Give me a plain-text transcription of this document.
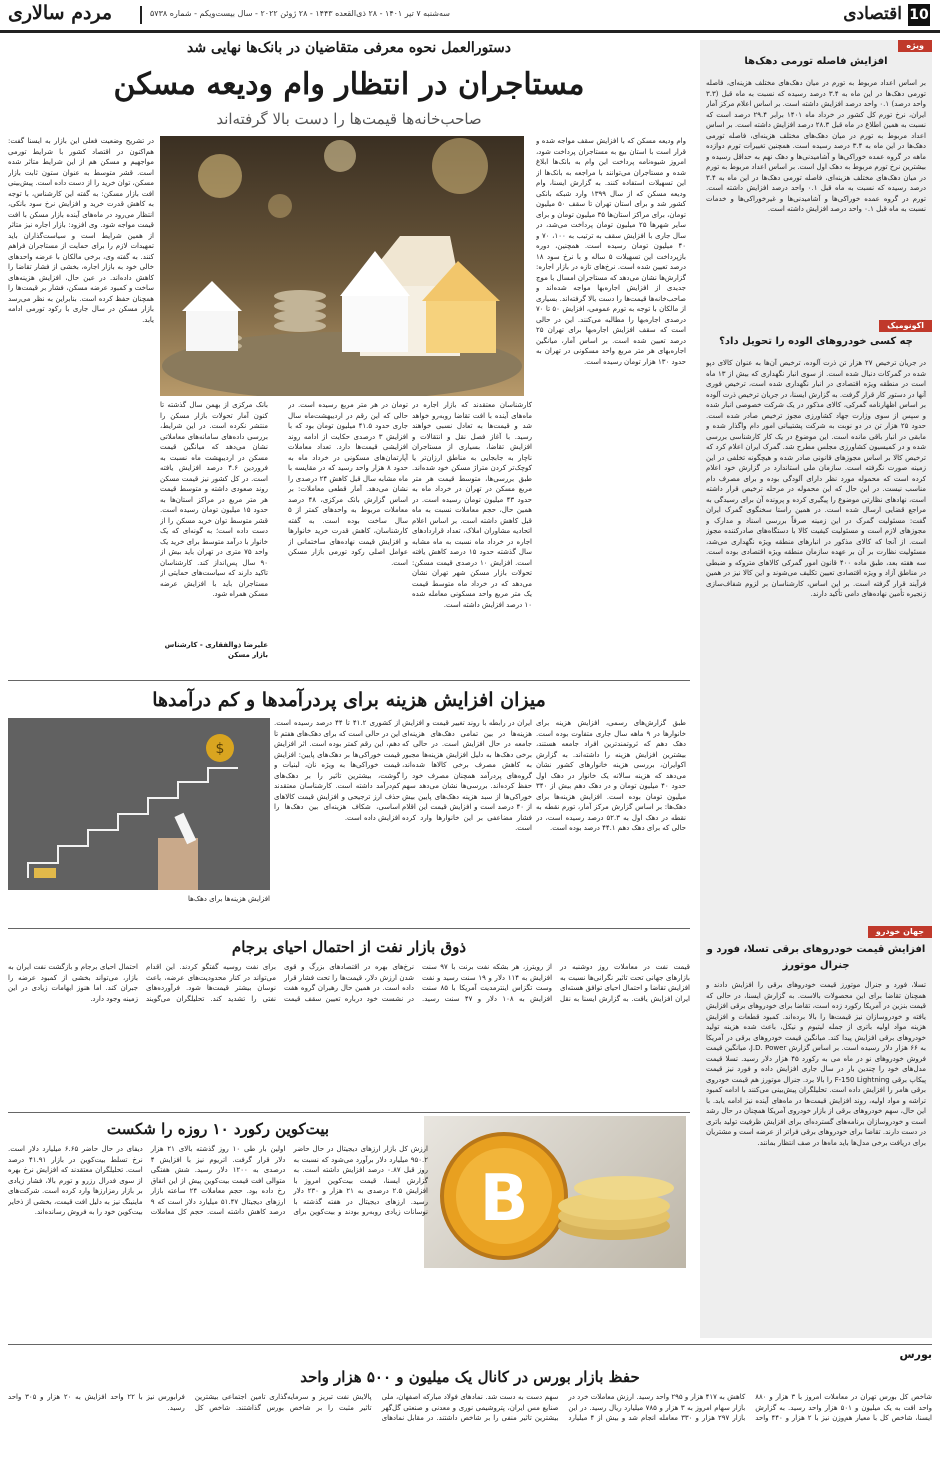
10
اقتصادی
سه‌شنبه ۷ تیر ۱۴۰۱ - ۲۸ ذی‌القعده ۱۴۴۳ - ۲۸ ژوئن ۲۰۲۲ - سال بیست‌ویکم - شماره ۵۷۳۸
مردم سالاری
ویژه
افزایش فاصله تورمی دهک‌ها
بر اساس اعداد مربوط به تورم در میان دهک‌های مختلف هزینه‌ای، فاصله تورمی دهک‌ها در این ماه به ۳.۴ درصد رسیده که نسبت به ماه قبل (۳.۳ واحد درصد) ۰.۱ واحد درصد افزایش داشته است. بر اساس اعلام مرکز آمار ایران، نرخ تورم کل کشور در خرداد ماه ۱۴۰۱ برابر ۲۹.۴ درصد است که نسبت به همین اطلاع در ماه قبل ۲۸.۳ درصد افزایش داشته است. بر اساس اعداد مربوط به تورم در میان دهک‌های مختلف هزینه‌ای، فاصله تورمی دهک‌ها در این ماه به ۳.۴ درصد رسیده است. همچنین تغییرات تورم دوازده ماهه در گروه عمده خوراکی‌ها و آشامیدنی‌ها و دهک نهم به حداقل رسیده و بیشترین نرخ تورم مربوط به دهک اول است. بر اساس اعداد مربوط به تورم در میان دهک‌های مختلف هزینه‌ای، فاصله تورمی دهک‌ها در این ماه به ۳.۴ درصد رسیده که نسبت به ماه قبل ۰.۱ واحد درصد افزایش داشته است. تورم در گروه عمده خوراکی‌ها و آشامیدنی‌ها و غیرخوراکی‌ها و خدمات نسبت به ماه قبل ۰.۱ واحد درصد افزایش داشته است.
اکونومیک
چه کسی خودروهای آلوده را تحویل داد؟
در جریان ترخیص ۲۷ هزار تن ذرت آلوده، ترخیص آن‌ها به عنوان کالای دپو شده در گمرکات دنبال شده است. از سوی انبار نگهداری که بیش از ۱۳ ماه است در منطقه ویژه اقتصادی در انبار نگهداری شده است، ترخیص فوری آنها در دستور کار قرار گرفت. به گزارش ایسنا، در جریان ترخیص ذرت آلوده بر اساس اظهارنامه گمرکی، کالای مذکور در یک شرکت خصوصی انبار شده و سپس از سوی وزارت جهاد کشاورزی مجوز ترخیص صادر شده است. حدود ۲۵ هزار تن در دو نوبت به شرکت پشتیبانی امور دام واگذار شده و مابقی در انبار باقی مانده است. این موضوع در یک کار کارشناسی بررسی شده و در کمیسیون کشاورزی مجلس مطرح شد. گمرک ایران اعلام کرد که ترخیص کالا بر اساس مجوزهای قانونی صادر شده و هیچگونه تخلفی در این زمینه صورت نگرفته است. سازمان ملی استاندارد در گزارش خود اعلام کرده است که محموله مورد نظر دارای آلودگی بوده و برای مصرف دام مناسب نیست. در این حال که این محموله در مرحله ترخیص قرار داشته است، نهادهای نظارتی موضوع را پیگیری کرده و پرونده آن برای رسیدگی به مراجع قضایی ارسال شده است. در همین راستا سخنگوی گمرک ایران گفت: مسئولیت گمرک در این زمینه صرفاً بررسی اسناد و مدارک و مجوزهای لازم است و مسئولیت کیفیت کالا با دستگاه‌های صادرکننده مجوز است. از آنجا که کالای مذکور در انبارهای منطقه ویژه نگهداری می‌شد، مسئولیت نظارت بر آن بر عهده سازمان منطقه ویژه اقتصادی بوده است. سه هفته بعد، طبق ماده ۴۰۰ قانون امور گمرکی کالاهای متروکه و ضبطی در مناطق آزاد و ویژه اقتصادی تعیین تکلیف می‌شوند و این کالا نیز در همین فرآیند قرار گرفته است. بر این اساس، کارشناسان بر لزوم شفاف‌سازی زنجیره تأمین نهاده‌های دامی تأکید دارند.
جهان خودرو
افزایش قیمت خودروهای برقی تسلا، فورد و جنرال موتورز
تسلا، فورد و جنرال موتورز قیمت خودروهای برقی را افزایش دادند و همچنان تقاضا برای این محصولات بالاست. به گزارش ایسنا، در حالی که قیمت بنزین در آمریکا رکورد زده است، تقاضا برای خودروهای برقی افزایش یافته و خودروسازان نیز قیمت‌ها را بالا برده‌اند. کمبود قطعات و افزایش هزینه مواد اولیه باتری از جمله لیتیوم و نیکل، باعث شده هزینه تولید خودروهای برقی افزایش پیدا کند. میانگین قیمت خودروهای برقی در آمریکا به ۶۶ هزار دلار رسیده است. بر اساس گزارش J.D. Power، میانگین قیمت فروش خودروهای نو در ماه می به رکورد ۴۵ هزار دلار رسید. تسلا قیمت مدل‌های خود را چندین بار در سال جاری افزایش داده و فورد نیز قیمت پیکاپ برقی F-150 Lightning را بالا برد. جنرال موتورز هم قیمت خودروی برقی هامر را افزایش داده است. تحلیلگران پیش‌بینی می‌کنند با ادامه کمبود تراشه و مواد اولیه، روند افزایش قیمت‌ها در ماه‌های آینده نیز ادامه یابد. با این حال، سهم خودروهای برقی از بازار خودروی آمریکا همچنان در حال رشد است و خودروسازان برنامه‌های گسترده‌ای برای افزایش ظرفیت تولید باتری در دست دارند. تقاضا برای خودروهای برقی فراتر از عرضه است و مشتریان برای دریافت برخی مدل‌ها باید ماه‌ها در صف انتظار بمانند.
دستورالعمل نحوه معرفی متقاضیان در بانک‌ها نهایی شد
مستاجران در انتظار وام ودیعه مسکن
صاحب‌خانه‌ها قیمت‌ها را دست بالا گرفته‌اند
وام ودیعه مسکن که با افزایش سقف مواجه شده و قرار است با استان بیع به مستاجران پرداخت شود، امروز شیوه‌نامه پرداخت این وام به بانک‌ها ابلاغ شده و مستاجران می‌توانند با مراجعه به بانک‌ها از این تسهیلات استفاده کنند. به گزارش ایسنا، وام ودیعه مسکن که از سال ۱۳۹۹ وارد شبکه بانکی کشور شد و برای استان تهران تا سقف ۵۰ میلیون تومان، برای مراکز استان‌ها ۳۵ میلیون تومان و برای سایر شهرها ۲۵ میلیون تومان پرداخت می‌شد، در سال جاری با افزایش سقف به ترتیب به ۱۰۰، ۷۰ و ۴۰ میلیون تومان رسیده است. همچنین، دوره بازپرداخت این تسهیلات ۵ ساله و با نرخ سود ۱۸ درصد تعیین شده است. نرخ‌های تازه در بازار اجاره: گزارش‌ها نشان می‌دهد که مستاجران امسال با موج جدیدی از افزایش اجاره‌بها مواجه شده‌اند و صاحب‌خانه‌ها قیمت‌ها را دست بالا گرفته‌اند. بسیاری از مالکان با توجه به تورم عمومی، افزایش ۵۰ تا ۷۰ درصدی اجاره‌بها را مطالبه می‌کنند. این در حالی است که سقف افزایش اجاره‌بها برای تهران ۲۵ درصد تعیین شده است. بر اساس آمار، میانگین اجاره‌بهای هر متر مربع واحد مسکونی در تهران به حدود ۱۳۰ هزار تومان رسیده است.
کارشناسان معتقدند که بازار اجاره در ماه‌های آینده با افت تقاضا روبه‌رو خواهد شد و قیمت‌ها به تعادل نسبی خواهند رسید. با آغاز فصل نقل و انتقالات و افزایش تقاضا، بسیاری از مستاجران ناچار به جابجایی به مناطق ارزان‌تر یا کوچک‌تر کردن متراژ مسکن خود شده‌اند. طبق بررسی‌ها، متوسط قیمت هر متر مربع مسکن در تهران در خرداد ماه به حدود ۴۳ میلیون تومان رسیده است. در همین حال، حجم معاملات نسبت به ماه قبل کاهش داشته است. بر اساس اعلام اتحادیه مشاوران املاک، تعداد قراردادهای اجاره در خرداد ماه نسبت به ماه مشابه سال گذشته حدود ۱۵ درصد کاهش یافته است. افزایش ۱۰ درصدی قیمت مسکن: تحولات بازار مسکن شهر تهران نشان می‌دهد که در خرداد ماه متوسط قیمت یک متر مربع واحد مسکونی معامله شده ۱۰ درصد افزایش داشته است.
تومان در هر متر مربع رسیده است. در حالی که این رقم در اردیبهشت‌ماه سال جاری حدود ۴۱.۵ میلیون تومان بود که با افزایش ۳ درصدی حکایت از ادامه روند افزایشی قیمت‌ها دارد. تعداد معاملات آپارتمان‌های مسکونی در خرداد ماه به حدود ۸ هزار واحد رسید که در مقایسه با ماه مشابه سال قبل کاهش ۲۴ درصدی را نشان می‌دهد. آمار قطعی معاملات: بر اساس گزارش بانک مرکزی، ۴۸ درصد معاملات مربوط به واحدهای کمتر از ۵ سال ساخت بوده است. به گفته کارشناسان، کاهش قدرت خرید خانوارها و افزایش قیمت نهاده‌های ساختمانی از عوامل اصلی رکود تورمی بازار مسکن است.
بانک مرکزی از بهمن سال گذشته تا کنون آمار تحولات بازار مسکن را منتشر نکرده است. در این شرایط، بررسی داده‌های سامانه‌های معاملاتی نشان می‌دهد که میانگین قیمت مسکن در اردیبهشت ماه نسبت به فروردین ۴.۶ درصد افزایش یافته است. در کل کشور نیز قیمت مسکن روند صعودی داشته و متوسط قیمت هر متر مربع در مراکز استان‌ها به حدود ۱۵ میلیون تومان رسیده است. قشر متوسط توان خرید مسکن را از دست داده است؛ به گونه‌ای که یک خانوار با درآمد متوسط برای خرید یک واحد ۷۵ متری در تهران باید بیش از ۹۰ سال پس‌انداز کند. کارشناسان تاکید دارند که سیاست‌های حمایتی از مستاجران باید با افزایش عرضه مسکن همراه شود.
علیرضا ذوالفقاری - کارشناس بازار مسکن
در تشریح وضعیت فعلی این بازار به ایسنا گفت: هم‌اکنون در اقتصاد کشور با شرایط تورمی مواجهیم و مسکن هم از این شرایط متاثر شده است. قشر متوسط به عنوان ستون ثابت بازار مسکن، توان خرید را از دست داده است. پیش‌بینی افت بازار مسکن: به گفته این کارشناس، با توجه به کاهش قدرت خرید و افزایش نرخ سود بانکی، انتظار می‌رود در ماه‌های آینده بازار مسکن با افت قیمت مواجه شود. وی افزود: بازار اجاره نیز متاثر از همین شرایط است و سیاست‌گذاران باید تمهیدات لازم را برای حمایت از مستاجران فراهم کنند. به گفته وی، برخی مالکان با عرضه واحدهای خالی خود به بازار اجاره، بخشی از فشار تقاضا را کاهش داده‌اند. در عین حال، افزایش هزینه‌های ساخت و کمبود عرضه مسکن، فشار بر قیمت‌ها را همچنان حفظ کرده است. بنابراین به نظر می‌رسد بازار مسکن در سال جاری با رکود تورمی ادامه یابد.
میزان افزایش هزینه برای پردرآمدها و کم درآمدها
$
طبق گزارش‌های رسمی، افزایش هزینه برای خانوارها در ۹ ماهه سال جاری متفاوت بوده است. دهک دهم که ثروتمندترین افراد جامعه هستند، بیشترین افزایش هزینه را داشته‌اند. به گزارش اکوایران، بررسی هزینه خانوارهای کشور نشان می‌دهد که هزینه سالانه یک خانوار در دهک اول حدود ۴۰ میلیون تومان و در دهک دهم بیش از ۳۴۰ میلیون تومان بوده است. افزایش هزینه‌ها برای دهک‌ها: بر اساس گزارش مرکز آمار، تورم نقطه به نقطه در دهک اول به ۵۲.۳ درصد رسیده است، در حالی که برای دهک دهم ۴۴.۱ درصد بوده است.
ایران در رابطه با روند تغییر قیمت و افزایش هزینه‌ها در بین تمامی دهک‌های هزینه‌ای جامعه در حال افزایش است. در حالی که برخی دهک‌ها به دلیل افزایش هزینه‌ها مجبور به کاهش مصرف برخی کالاها شده‌اند، گروه‌های پردرآمد همچنان مصرف خود را حفظ کرده‌اند. بررسی‌ها نشان می‌دهد سهم خوراکی‌ها از سبد هزینه دهک‌های پایین بیش از ۴۰ درصد است و افزایش قیمت این اقلام فشار مضاعفی بر این خانوارها وارد کرده است.
از کشوری ۴۱.۲ تا ۴۴ درصد رسیده است. این در حالی است که برای دهک‌های هفتم تا دهم، این رقم کمتر بوده است. اثر افزایش قیمت خوراکی‌ها بر دهک‌های پایین: افزایش قیمت خوراکی‌ها به ویژه نان، لبنیات و گوشت، بیشترین تاثیر را بر دهک‌های کم‌درآمد داشته است. کارشناسان معتقدند حذف ارز ترجیحی و افزایش قیمت کالاهای اساسی، شکاف هزینه‌ای بین دهک‌ها را افزایش داده است.
افزایش هزینه‌ها برای دهک‌ها
ذوق بازار نفت از احتمال احیای برجام
قیمت نفت در معاملات روز دوشنبه در بازارهای جهانی تحت تاثیر نگرانی‌ها نسبت به افزایش تقاضا و احتمال احیای توافق هسته‌ای ایران افزایش یافت. به گزارش ایسنا به نقل از رویترز، هر بشکه نفت برنت با ۹۷ سنت افزایش به ۱۱۴ دلار و ۱۹ سنت رسید و نفت وست تگزاس اینترمدیت آمریکا با ۸۵ سنت افزایش به ۱۰۸ دلار و ۴۷ سنت رسید. نرخ‌های بهره در اقتصادهای بزرگ و قوی شدن ارزش دلار، قیمت‌ها را تحت فشار قرار داده است. در همین حال رهبران گروه هفت در نشست خود درباره تعیین سقف قیمت برای نفت روسیه گفتگو کردند. این اقدام می‌تواند در کنار محدودیت‌های عرضه، باعث نوسان بیشتر قیمت‌ها شود. فرآورده‌های نفتی را تشدید کند. تحلیلگران می‌گویند احتمال احیای برجام و بازگشت نفت ایران به بازار، می‌تواند بخشی از کمبود عرضه را جبران کند. اما هنوز ابهامات زیادی در این زمینه وجود دارد.
بیت‌کوین رکورد ۱۰ روزه را شکست
B
ارزش کل بازار ارزهای دیجیتال در حال حاضر ۹۵۰.۲ میلیارد دلار برآورد می‌شود که نسبت به روز قبل ۰.۸۷ درصد افزایش داشته است. به گزارش ایسنا، قیمت بیت‌کوین امروز با افزایش ۲.۵ درصدی به ۲۱ هزار و ۲۳۰ دلار رسید. ارزهای دیجیتال در هفته گذشته با نوسانات زیادی روبه‌رو بودند و بیت‌کوین برای اولین بار طی ۱۰ روز گذشته بالای ۲۱ هزار دلار قرار گرفت. اتریوم نیز با افزایش ۴ درصدی به ۱۲۰۰ دلار رسید. شش هفتگی متوالی افت قیمت بیت‌کوین پیش از این اتفاق رخ داده بود. حجم معاملات ۲۴ ساعته بازار ارزهای دیجیتال ۵۱.۴۷ میلیارد دلار است که ۹ درصد کاهش داشته است. حجم کل معاملات دیفای در حال حاضر ۶.۶۵ میلیارد دلار است. نرخ تسلط بیت‌کوین در بازار ۴۱.۹۱ درصد است. تحلیلگران معتقدند که افزایش نرخ بهره از سوی فدرال رزرو و تورم بالا، فشار زیادی بر بازار رمزارزها وارد کرده است. شرکت‌های ماینینگ نیز به دلیل افت قیمت، بخشی از ذخایر بیت‌کوین خود را به فروش رسانده‌اند.
بورس
حفظ بازار بورس در کانال یک میلیون و ۵۰۰ هزار واحد
شاخص کل بورس تهران در معاملات امروز با ۳ هزار و ۸۸۰ واحد افت به یک میلیون و ۵۰۱ هزار واحد رسید. به گزارش ایسنا، شاخص کل با معیار هم‌وزن نیز با ۲ هزار و ۴۴۰ واحد کاهش به ۴۱۷ هزار و ۲۹۵ واحد رسید. ارزش معاملات خرد در بازار سهام امروز به ۳ هزار و ۷۸۵ میلیارد ریال رسید. در این بازار ۲۹۷ هزار و ۳۳۰ معامله انجام شد و بیش از ۴ میلیارد سهم دست به دست شد. نمادهای فولاد مبارکه اصفهان، ملی صنایع مس ایران، پتروشیمی نوری و معدنی و صنعتی گل‌گهر بیشترین تاثیر منفی را بر شاخص داشتند. در مقابل نمادهای پالایش نفت تبریز و سرمایه‌گذاری تامین اجتماعی بیشترین تاثیر مثبت را بر شاخص بورس گذاشتند. شاخص کل فرابورس نیز با ۲۲ واحد افزایش به ۲۰ هزار و ۳۰۵ واحد رسید.
